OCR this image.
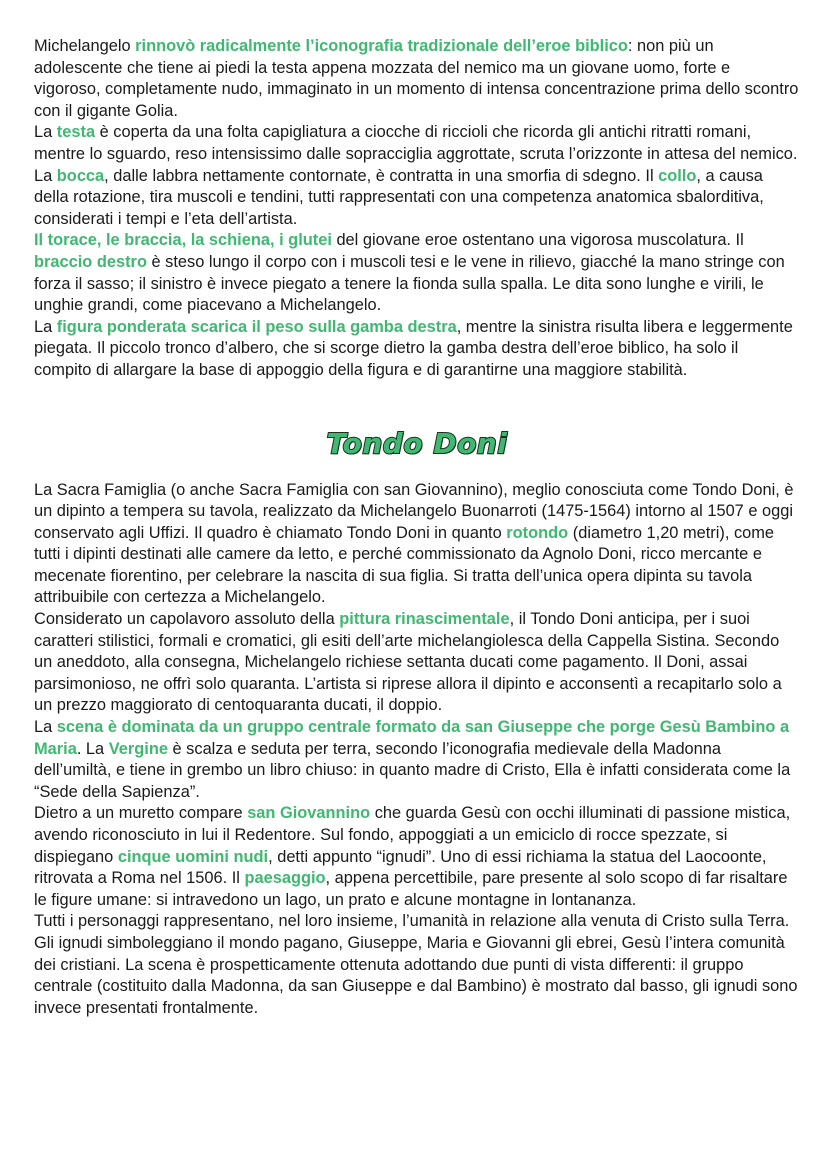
Michelangelo rinnovò radicalmente l’iconografia tradizionale dell’eroe biblico: non più un adolescente che tiene ai piedi la testa appena mozzata del nemico ma un giovane uomo, forte e vigoroso, completamente nudo, immaginato in un momento di intensa concentrazione prima dello scontro con il gigante Golia.

La testa è coperta da una folta capigliatura a ciocche di riccioli che ricorda gli antichi ritratti romani, mentre lo sguardo, reso intensissimo dalle sopracciglia aggrottate, scruta l’orizzonte in attesa del nemico. La bocca, dalle labbra nettamente contornate, è contratta in una smorfia di sdegno. Il collo, a causa della rotazione, tira muscoli e tendini, tutti rappresentati con una competenza anatomica sbalorditiva, considerati i tempi e l’eta dell’artista.

Il torace, le braccia, la schiena, i glutei del giovane eroe ostentano una vigorosa muscolatura. Il braccio destro è steso lungo il corpo con i muscoli tesi e le vene in rilievo, giacché la mano stringe con forza il sasso; il sinistro è invece piegato a tenere la fionda sulla spalla. Le dita sono lunghe e virili, le unghie grandi, come piacevano a Michelangelo.

La figura ponderata scarica il peso sulla gamba destra, mentre la sinistra risulta libera e leggermente piegata. Il piccolo tronco d’albero, che si scorge dietro la gamba destra dell’eroe biblico, ha solo il compito di allargare la base di appoggio della figura e di garantirne una maggiore stabilità.

Tondo Doni

La Sacra Famiglia (o anche Sacra Famiglia con san Giovannino), meglio conosciuta come Tondo Doni, è un dipinto a tempera su tavola, realizzato da Michelangelo Buonarroti (1475-1564) intorno al 1507 e oggi conservato agli Uffizi. Il quadro è chiamato Tondo Doni in quanto rotondo (diametro 1,20 metri), come tutti i dipinti destinati alle camere da letto, e perché commissionato da Agnolo Doni, ricco mercante e mecenate fiorentino, per celebrare la nascita di sua figlia. Si tratta dell’unica opera dipinta su tavola attribuibile con certezza a Michelangelo.

Considerato un capolavoro assoluto della pittura rinascimentale, il Tondo Doni anticipa, per i suoi caratteri stilistici, formali e cromatici, gli esiti dell’arte michelangiolesca della Cappella Sistina. Secondo un aneddoto, alla consegna, Michelangelo richiese settanta ducati come pagamento. Il Doni, assai parsimonioso, ne offrì solo quaranta. L’artista si riprese allora il dipinto e acconsentì a recapitarlo solo a un prezzo maggiorato di centoquaranta ducati, il doppio.

La scena è dominata da un gruppo centrale formato da san Giuseppe che porge Gesù Bambino a Maria. La Vergine è scalza e seduta per terra, secondo l’iconografia medievale della Madonna dell’umiltà, e tiene in grembo un libro chiuso: in quanto madre di Cristo, Ella è infatti considerata come la “Sede della Sapienza”.

Dietro a un muretto compare san Giovannino che guarda Gesù con occhi illuminati di passione mistica, avendo riconosciuto in lui il Redentore. Sul fondo, appoggiati a un emiciclo di rocce spezzate, si dispiegano cinque uomini nudi, detti appunto “ignudi”. Uno di essi richiama la statua del Laocoonte, ritrovata a Roma nel 1506. Il paesaggio, appena percettibile, pare presente al solo scopo di far risaltare le figure umane: si intravedono un lago, un prato e alcune montagne in lontananza.

Tutti i personaggi rappresentano, nel loro insieme, l’umanità in relazione alla venuta di Cristo sulla Terra. Gli ignudi simboleggiano il mondo pagano, Giuseppe, Maria e Giovanni gli ebrei, Gesù l’intera comunità dei cristiani. La scena è prospetticamente ottenuta adottando due punti di vista differenti: il gruppo centrale (costituito dalla Madonna, da san Giuseppe e dal Bambino) è mostrato dal basso, gli ignudi sono invece presentati frontalmente.
